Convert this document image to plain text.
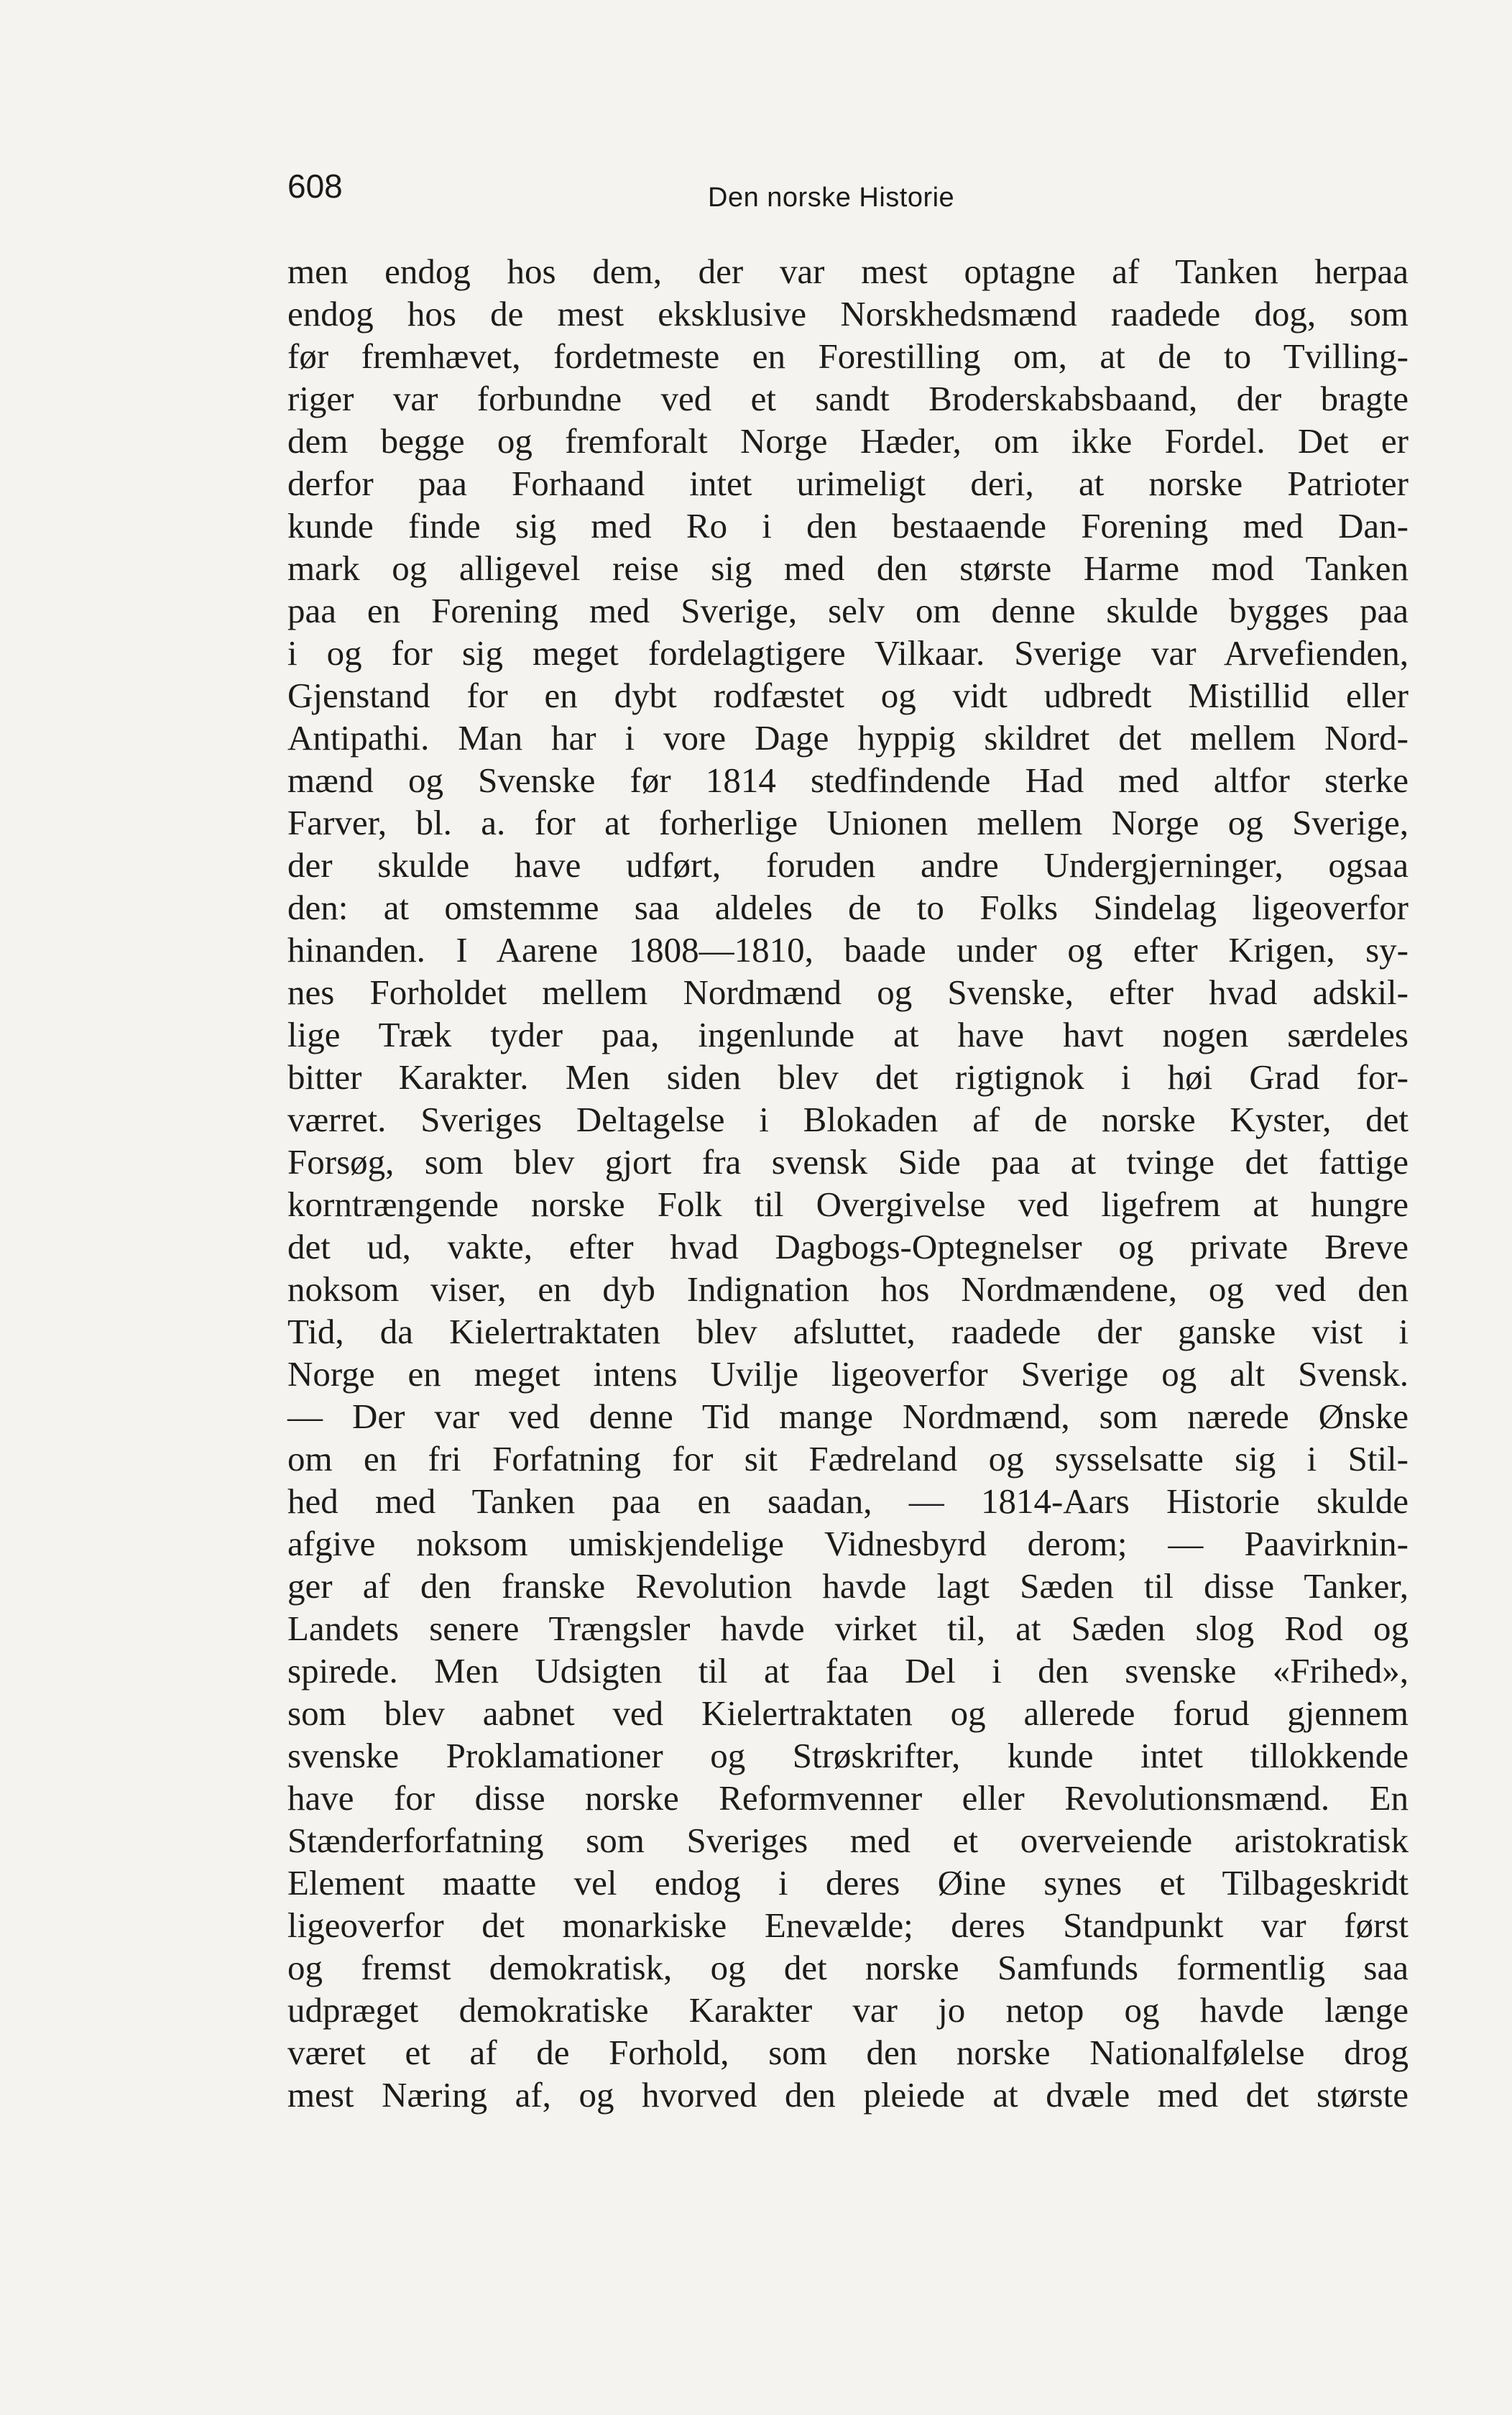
608	Den norske Historie
men endog hos dem, der var mest optagne af Tanken herpaa
endog hos de mest eksklusive Norskhedsmænd raadede dog, som
før fremhævet, fordetmeste en Forestilling om, at de to Tvilling-
riger var forbundne ved et sandt Broderskabsbaand, der bragte
dem begge og fremforalt Norge Hæder, om ikke Fordel. Det er
derfor paa Forhaand intet urimeligt deri, at norske Patrioter
kunde finde sig med Ro i den bestaaende Forening med Dan-
mark og alligevel reise sig med den største Harme mod Tanken
paa en Forening med Sverige, selv om denne skulde bygges paa
i og for sig meget fordelagtigere Vilkaar. Sverige var Arvefienden,
Gjenstand for en dybt rodfæstet og vidt udbredt Mistillid eller
Antipathi. Man har i vore Dage hyppig skildret det mellem Nord-
mænd og Svenske før 1814 stedfindende Had med altfor sterke
Farver, bl. a. for at forherlige Unionen mellem Norge og Sverige,
der skulde have udført, foruden andre Undergjerninger, ogsaa
den: at omstemme saa aldeles de to Folks Sindelag ligeoverfor
hinanden. I Aarene 1808—1810, baade under og efter Krigen, sy-
nes Forholdet mellem Nordmænd og Svenske, efter hvad adskil-
lige Træk tyder paa, ingenlunde at have havt nogen særdeles
bitter Karakter. Men siden blev det rigtignok i høi Grad for-
værret. Sveriges Deltagelse i Blokaden af de norske Kyster, det
Forsøg, som blev gjort fra svensk Side paa at tvinge det fattige
korntrængende norske Folk til Overgivelse ved ligefrem at hungre
det ud, vakte, efter hvad Dagbogs-Optegnelser og private Breve
noksom viser, en dyb Indignation hos Nordmændene, og ved den
Tid, da Kielertraktaten blev afsluttet, raadede der ganske vist i
Norge en meget intens Uvilje ligeoverfor Sverige og alt Svensk.
— Der var ved denne Tid mange Nordmænd, som nærede Ønske
om en fri Forfatning for sit Fædreland og sysselsatte sig i Stil-
hed med Tanken paa en saadan, — 1814-Aars Historie skulde
afgive noksom umiskjendelige Vidnesbyrd derom; — Paavirknin-
ger af den franske Revolution havde lagt Sæden til disse Tanker,
Landets senere Trængsler havde virket til, at Sæden slog Rod og
spirede. Men Udsigten til at faa Del i den svenske «Frihed»,
som blev aabnet ved Kielertraktaten og allerede forud gjennem
svenske Proklamationer og Strøskrifter, kunde intet tillokkende
have for disse norske Reformvenner eller Revolutionsmænd. En
Stænderforfatning som Sveriges med et overveiende aristokratisk
Element maatte vel endog i deres Øine synes et Tilbageskridt
ligeoverfor det monarkiske Enevælde; deres Standpunkt var først
og fremst demokratisk, og det norske Samfunds formentlig saa
udpræget demokratiske Karakter var jo netop og havde længe
været et af de Forhold, som den norske Nationalfølelse drog
mest Næring af, og hvorved den pleiede at dvæle med det største
